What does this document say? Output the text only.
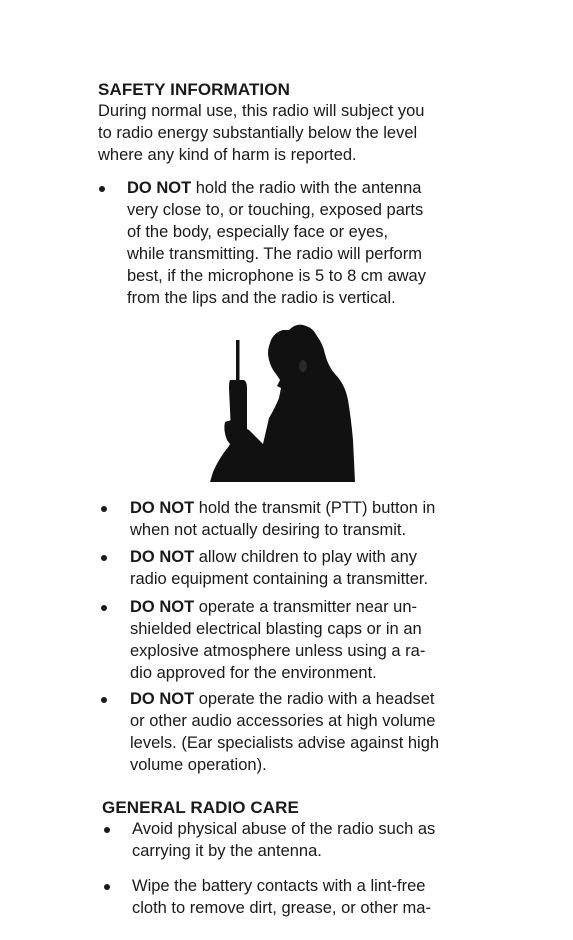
SAFETY INFORMATION
During normal use, this radio will subject you
to radio energy substantially below the level
where any kind of harm is reported.
DO NOT hold the radio with the antenna
very close to, or touching, exposed parts
of the body, especially face or eyes,
while transmitting. The radio will perform
best, if the microphone is 5 to 8 cm away
from the lips and the radio is vertical.
DO NOT hold the transmit (PTT) button in
when not actually desiring to transmit.
DO NOT allow children to play with any
radio equipment containing a transmitter.
DO NOT operate a transmitter near un-
shielded electrical blasting caps or in an
explosive atmosphere unless using a ra-
dio approved for the environment.
DO NOT operate the radio with a headset
or other audio accessories at high volume
levels. (Ear specialists advise against high
volume operation).
GENERAL RADIO CARE
Avoid physical abuse of the radio such as
carrying it by the antenna.
Wipe the battery contacts with a lint-free
cloth to remove dirt, grease, or other ma-
